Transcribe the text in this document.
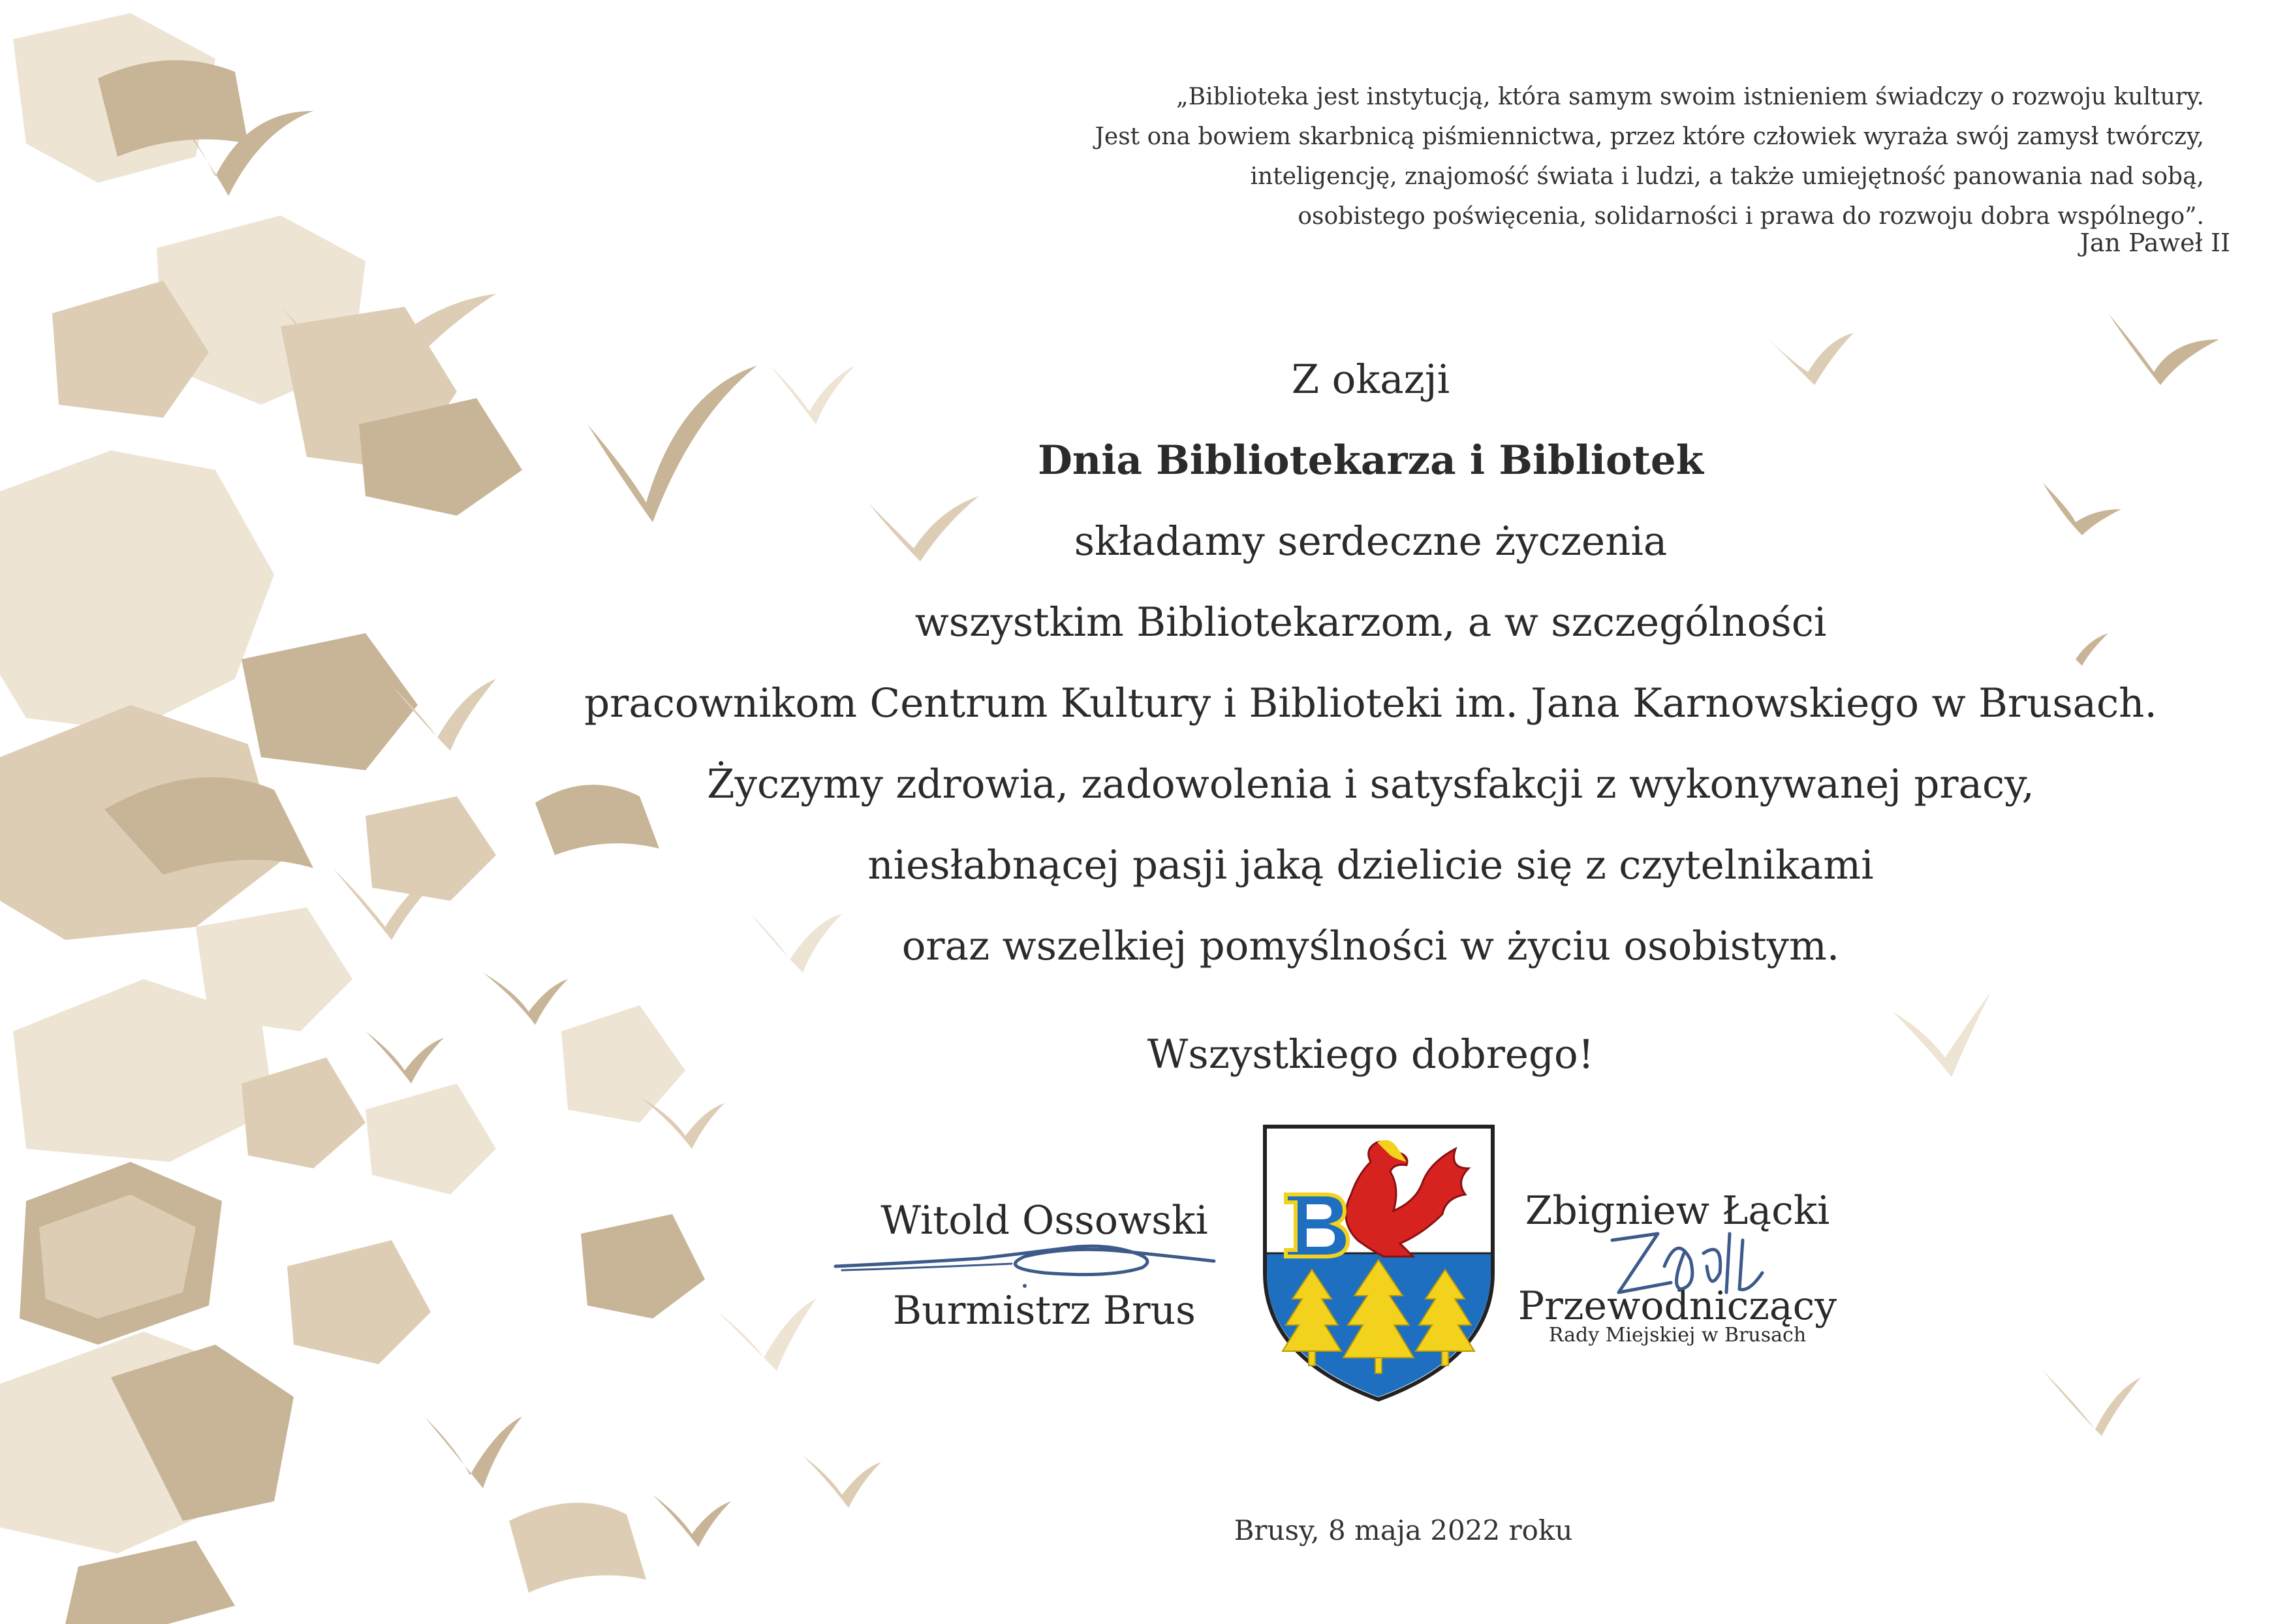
„Biblioteka jest instytucją, która samym swoim istnieniem świadczy o rozwoju kultury.
Jest ona bowiem skarbnicą piśmiennictwa, przez które człowiek wyraża swój zamysł twórczy,
inteligencję, znajomość świata i ludzi, a także umiejętność panowania nad sobą,
osobistego poświęcenia, solidarności i prawa do rozwoju dobra wspólnego”.
Jan Paweł II

Z okazji

Dnia Bibliotekarza i Bibliotek

składamy serdeczne życzenia

wszystkim Bibliotekarzom, a w szczególności

pracownikom Centrum Kultury i Biblioteki im. Jana Karnowskiego w Brusach.

Życzymy zdrowia, zadowolenia i satysfakcji z wykonywanej pracy,

niesłabnącej pasji jaką dzielicie się z czytelnikami

oraz wszelkiej pomyślności w życiu osobistym.

Wszystkiego dobrego!

Witold Ossowski
Burmistrz Brus
Zbigniew Łącki
Przewodniczący
Rady Miejskiej w Brusach
Brusy, 8 maja 2022 roku
